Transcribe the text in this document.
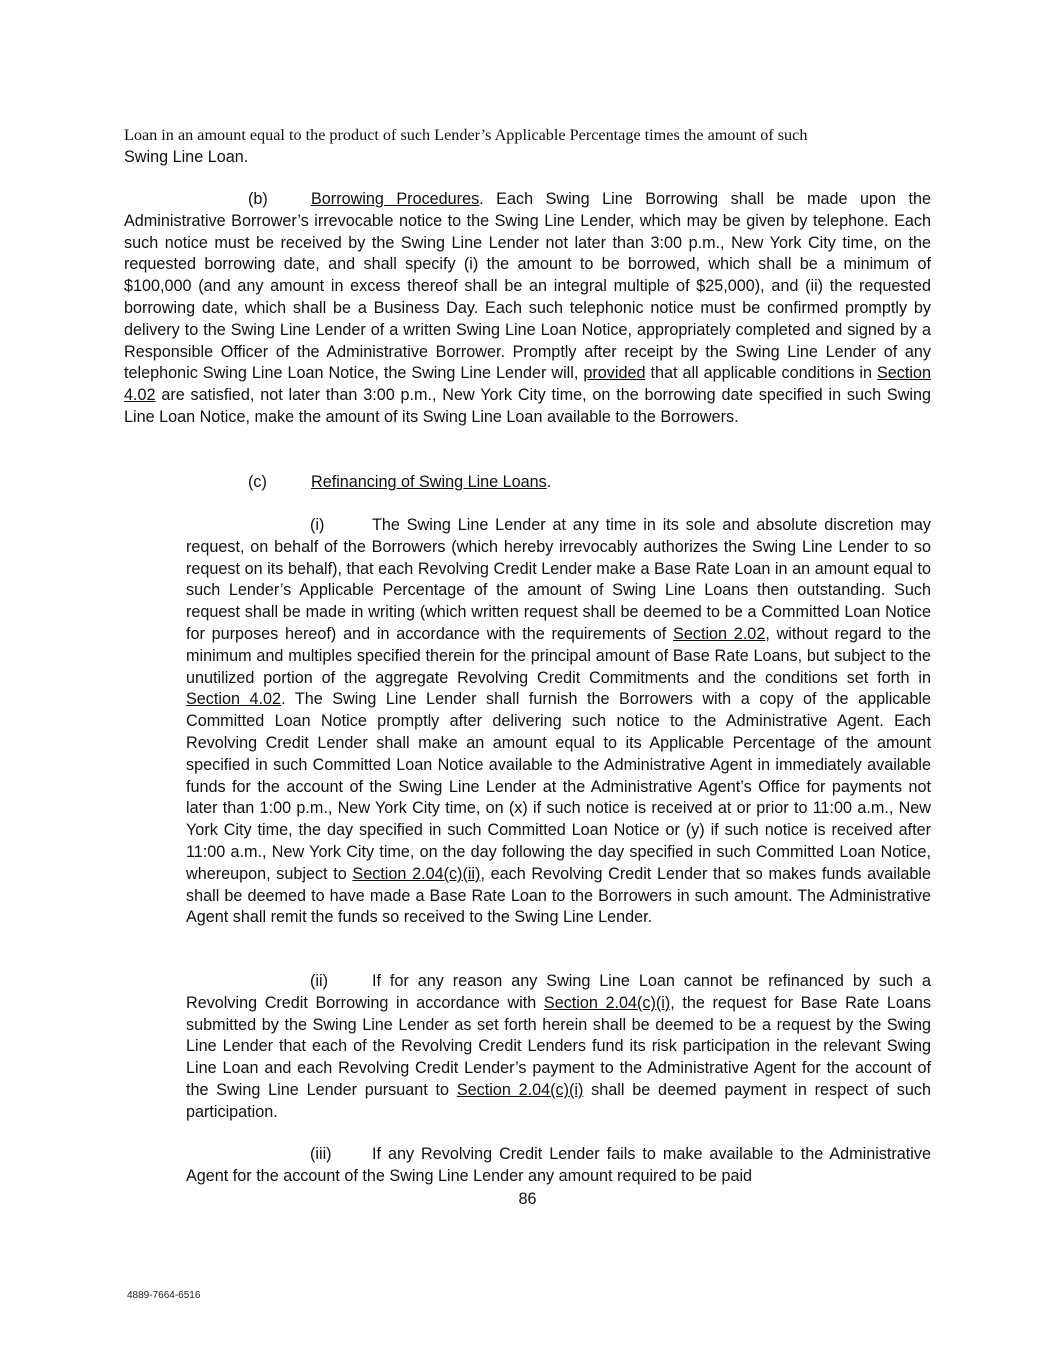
Loan in an amount equal to the product of such Lender’s Applicable Percentage times the amount of such
Swing Line Loan.

(b)	Borrowing Procedures. Each Swing Line Borrowing shall be made upon the Administrative Borrower’s irrevocable notice to the Swing Line Lender, which may be given by telephone. Each such notice must be received by the Swing Line Lender not later than 3:00 p.m., New York City time, on the requested borrowing date, and shall specify (i) the amount to be borrowed, which shall be a minimum of $100,000 (and any amount in excess thereof shall be an integral multiple of $25,000), and (ii) the requested borrowing date, which shall be a Business Day. Each such telephonic notice must be confirmed promptly by delivery to the Swing Line Lender of a written Swing Line Loan Notice, appropriately completed and signed by a Responsible Officer of the Administrative Borrower. Promptly after receipt by the Swing Line Lender of any telephonic Swing Line Loan Notice, the Swing Line Lender will, provided that all applicable conditions in Section 4.02 are satisfied, not later than 3:00 p.m., New York City time, on the borrowing date specified in such Swing Line Loan Notice, make the amount of its Swing Line Loan available to the Borrowers.

(c)	Refinancing of Swing Line Loans.

(i)	The Swing Line Lender at any time in its sole and absolute discretion may request, on behalf of the Borrowers (which hereby irrevocably authorizes the Swing Line Lender to so request on its behalf), that each Revolving Credit Lender make a Base Rate Loan in an amount equal to such Lender’s Applicable Percentage of the amount of Swing Line Loans then outstanding. Such request shall be made in writing (which written request shall be deemed to be a Committed Loan Notice for purposes hereof) and in accordance with the requirements of Section 2.02, without regard to the minimum and multiples specified therein for the principal amount of Base Rate Loans, but subject to the unutilized portion of the aggregate Revolving Credit Commitments and the conditions set forth in Section 4.02. The Swing Line Lender shall furnish the Borrowers with a copy of the applicable Committed Loan Notice promptly after delivering such notice to the Administrative Agent. Each Revolving Credit Lender shall make an amount equal to its Applicable Percentage of the amount specified in such Committed Loan Notice available to the Administrative Agent in immediately available funds for the account of the Swing Line Lender at the Administrative Agent’s Office for payments not later than 1:00 p.m., New York City time, on (x) if such notice is received at or prior to 11:00 a.m., New York City time, the day specified in such Committed Loan Notice or (y) if such notice is received after 11:00 a.m., New York City time, on the day following the day specified in such Committed Loan Notice, whereupon, subject to Section 2.04(c)(ii), each Revolving Credit Lender that so makes funds available shall be deemed to have made a Base Rate Loan to the Borrowers in such amount. The Administrative Agent shall remit the funds so received to the Swing Line Lender.

(ii)	If for any reason any Swing Line Loan cannot be refinanced by such a Revolving Credit Borrowing in accordance with Section 2.04(c)(i), the request for Base Rate Loans submitted by the Swing Line Lender as set forth herein shall be deemed to be a request by the Swing Line Lender that each of the Revolving Credit Lenders fund its risk participation in the relevant Swing Line Loan and each Revolving Credit Lender’s payment to the Administrative Agent for the account of the Swing Line Lender pursuant to Section 2.04(c)(i) shall be deemed payment in respect of such participation.

(iii) If any Revolving Credit Lender fails to make available to the Administrative Agent for the account of the Swing Line Lender any amount required to be paid

86
4889-7664-6516
